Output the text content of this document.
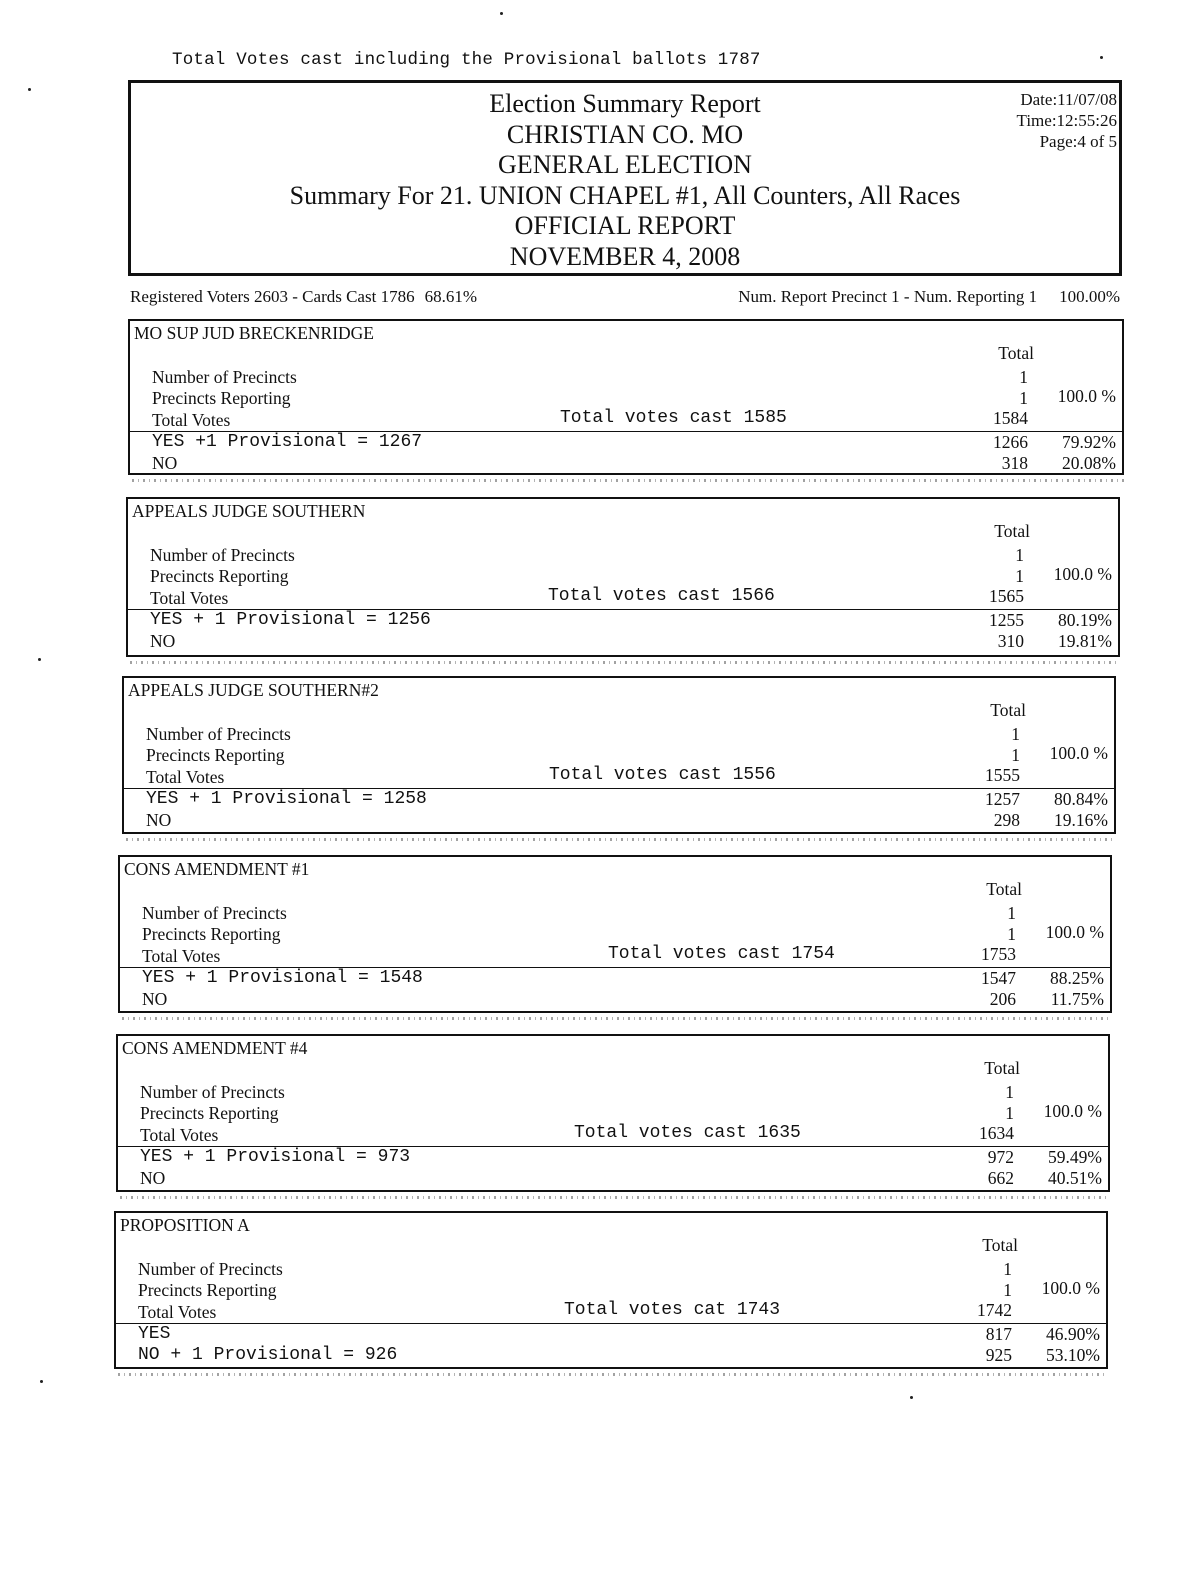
Total Votes cast including the Provisional ballots 1787
Election Summary Report
CHRISTIAN CO. MO
GENERAL ELECTION
Summary For 21. UNION CHAPEL #1, All Counters, All Races
OFFICIAL REPORT
NOVEMBER 4, 2008
Date:11/07/08
Time:12:55:26
Page:4 of 5
Registered Voters 2603 - Cards Cast 1786 68.61%	Num. Report Precinct 1 - Num. Reporting 1 100.00%
MO SUP JUD BRECKENRIDGE
Total
Number of Precincts	1
Precincts Reporting	1 100.0 %
Total Votes	Total votes cast 1585	1584
YES +1 Provisional = 1267	1266 79.92%
NO	318 20.08%
APPEALS JUDGE SOUTHERN
Total
Number of Precincts	1
Precincts Reporting	1 100.0 %
Total Votes	Total votes cast 1566	1565
YES + 1 Provisional = 1256	1255 80.19%
NO	310 19.81%
APPEALS JUDGE SOUTHERN#2
Total
Number of Precincts	1
Precincts Reporting	1 100.0 %
Total Votes	Total votes cast 1556	1555
YES + 1 Provisional = 1258	1257 80.84%
NO	298 19.16%
CONS AMENDMENT #1
Total
Number of Precincts	1
Precincts Reporting	1 100.0 %
Total Votes	Total votes cast 1754	1753
YES + 1 Provisional = 1548	1547 88.25%
NO	206 11.75%
CONS AMENDMENT #4
Total
Number of Precincts	1
Precincts Reporting	1 100.0 %
Total Votes	Total votes cast 1635	1634
YES + 1 Provisional = 973	972 59.49%
NO	662 40.51%
PROPOSITION A
Total
Number of Precincts	1
Precincts Reporting	1 100.0 %
Total Votes	Total votes cat 1743	1742
YES	817 46.90%
NO + 1 Provisional = 926	925 53.10%
